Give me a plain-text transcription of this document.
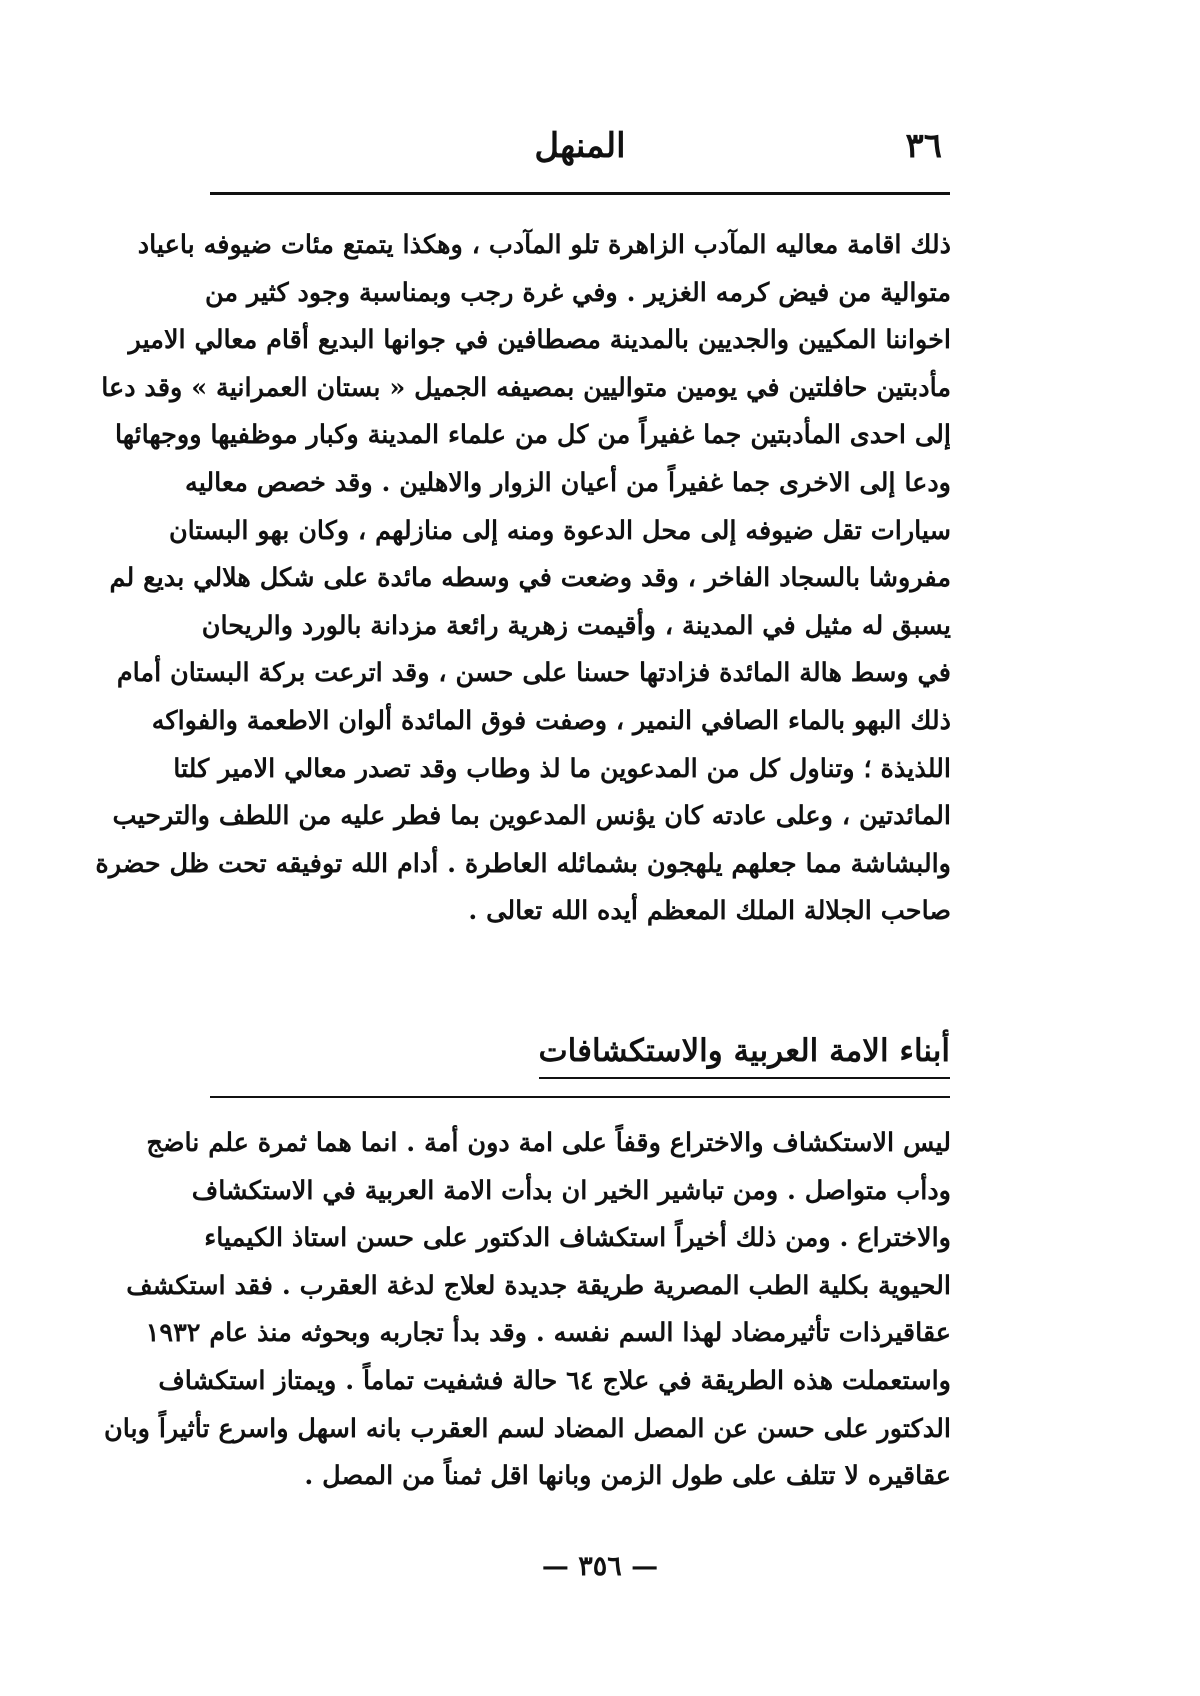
٣٦
المنهل
ذلك اقامة معاليه المآدب الزاهرة تلو المآدب ، وهكذا يتمتع مئات ضيوفه باعياد
متوالية من فيض كرمه الغزير . وفي غرة رجب وبمناسبة وجود كثير من
اخواننا المكيين والجديين بالمدينة مصطافين في جوانها البديع أقام معالي الامير
مأدبتين حافلتين في يومين متواليين بمصيفه الجميل « بستان العمرانية » وقد دعا
إلى احدى المأدبتين جما غفيراً من كل من علماء المدينة وكبار موظفيها ووجهائها
ودعا إلى الاخرى جما غفيراً من أعيان الزوار والاهلين . وقد خصص معاليه
سيارات تقل ضيوفه إلى محل الدعوة ومنه إلى منازلهم ، وكان بهو البستان
مفروشا بالسجاد الفاخر ، وقد وضعت في وسطه مائدة على شكل هلالي بديع لم
يسبق له مثيل في المدينة ، وأقيمت زهرية رائعة مزدانة بالورد والريحان
في وسط هالة المائدة فزادتها حسنا على حسن ، وقد اترعت بركة البستان أمام
ذلك البهو بالماء الصافي النمير ، وصفت فوق المائدة ألوان الاطعمة والفواكه
اللذيذة ؛ وتناول كل من المدعوين ما لذ وطاب وقد تصدر معالي الامير كلتا
المائدتين ، وعلى عادته كان يؤنس المدعوين بما فطر عليه من اللطف والترحيب
والبشاشة مما جعلهم يلهجون بشمائله العاطرة . أدام الله توفيقه تحت ظل حضرة
صاحب الجلالة الملك المعظم أيده الله تعالى .
أبناء الامة العربية والاستكشافات
ليس الاستكشاف والاختراع وقفاً على امة دون أمة . انما هما ثمرة علم ناضج
ودأب متواصل . ومن تباشير الخير ان بدأت الامة العربية في الاستكشاف
والاختراع . ومن ذلك أخيراً استكشاف الدكتور على حسن استاذ الكيمياء
الحيوية بكلية الطب المصرية طريقة جديدة لعلاج لدغة العقرب . فقد استكشف
عقاقيرذات تأثيرمضاد لهذا السم نفسه . وقد بدأ تجاربه وبحوثه منذ عام ١٩٣٢
واستعملت هذه الطريقة في علاج ٦٤ حالة فشفيت تماماً . ويمتاز استكشاف
الدكتور على حسن عن المصل المضاد لسم العقرب بانه اسهل واسرع تأثيراً وبان
عقاقيره لا تتلف على طول الزمن وبانها اقل ثمناً من المصل .
— ٣٥٦ —
